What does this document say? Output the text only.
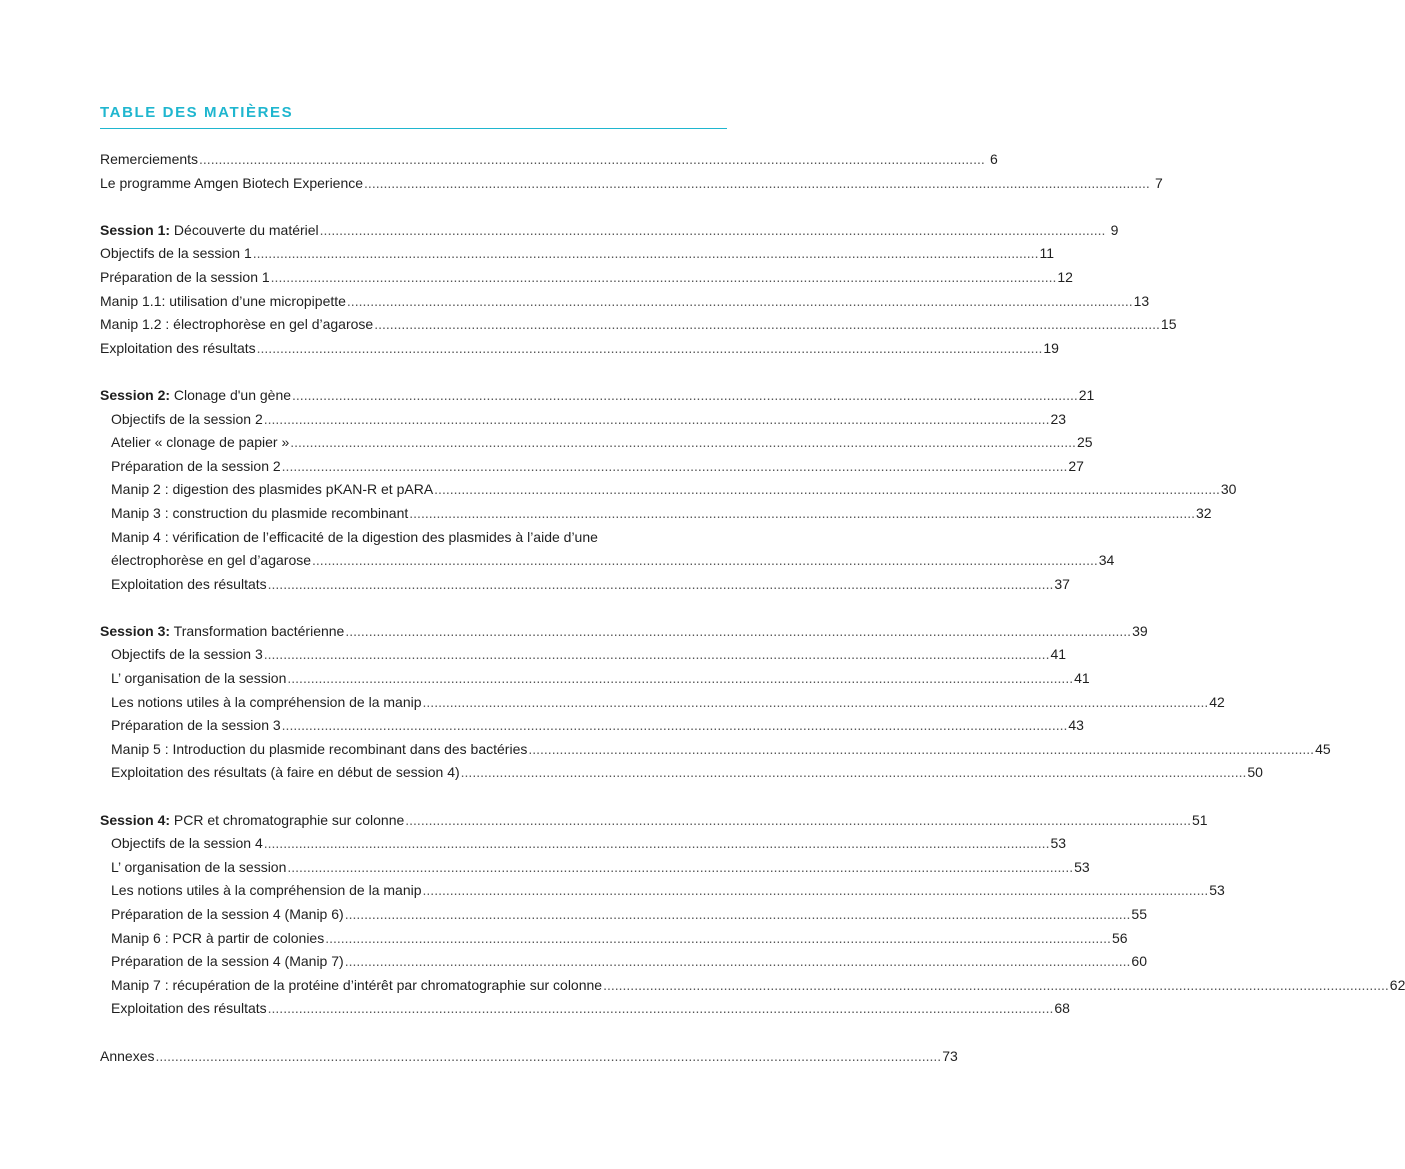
TABLE DES MATIÈRES
Remerciements .....	6
Le programme Amgen Biotech Experience .....	7
Session 1: Découverte du matériel .....	9
Objectifs de la session 1 .....	11
Préparation de la session 1 .....	12
Manip 1.1: utilisation d’une micropipette .....	13
Manip 1.2 : électrophorèse en gel d’agarose .....	15
Exploitation des résultats .....	19
Session 2: Clonage d'un gène .....	21
Objectifs de la session 2 .....	23
Atelier « clonage de papier » .....	25
Préparation de la session 2 .....	27
Manip 2 : digestion des plasmides pKAN-R et pARA .....	30
Manip 3 : construction du plasmide recombinant .....	32
Manip 4 : vérification de l’efficacité de la digestion des plasmides à l’aide d’une
électrophorèse en gel d’agarose .....	34
Exploitation des résultats .....	37
Session 3: Transformation bactérienne .....	39
Objectifs de la session 3 .....	41
L’ organisation de la session .....	41
Les notions utiles à la compréhension de la manip .....	42
Préparation de la session 3 .....	43
Manip 5 : Introduction du plasmide recombinant dans des bactéries .....	45
Exploitation des résultats (à faire en début de session 4) .....	50
Session 4: PCR et chromatographie sur colonne .....	51
Objectifs de la session 4 .....	53
L’ organisation de la session .....	53
Les notions utiles à la compréhension de la manip .....	53
Préparation de la session 4 (Manip 6) .....	55
Manip 6 : PCR à partir de colonies .....	56
Préparation de la session 4 (Manip 7) .....	60
Manip 7 : récupération de la protéine d’intérêt par chromatographie sur colonne .....	62
Exploitation des résultats .....	68
Annexes .....	73
